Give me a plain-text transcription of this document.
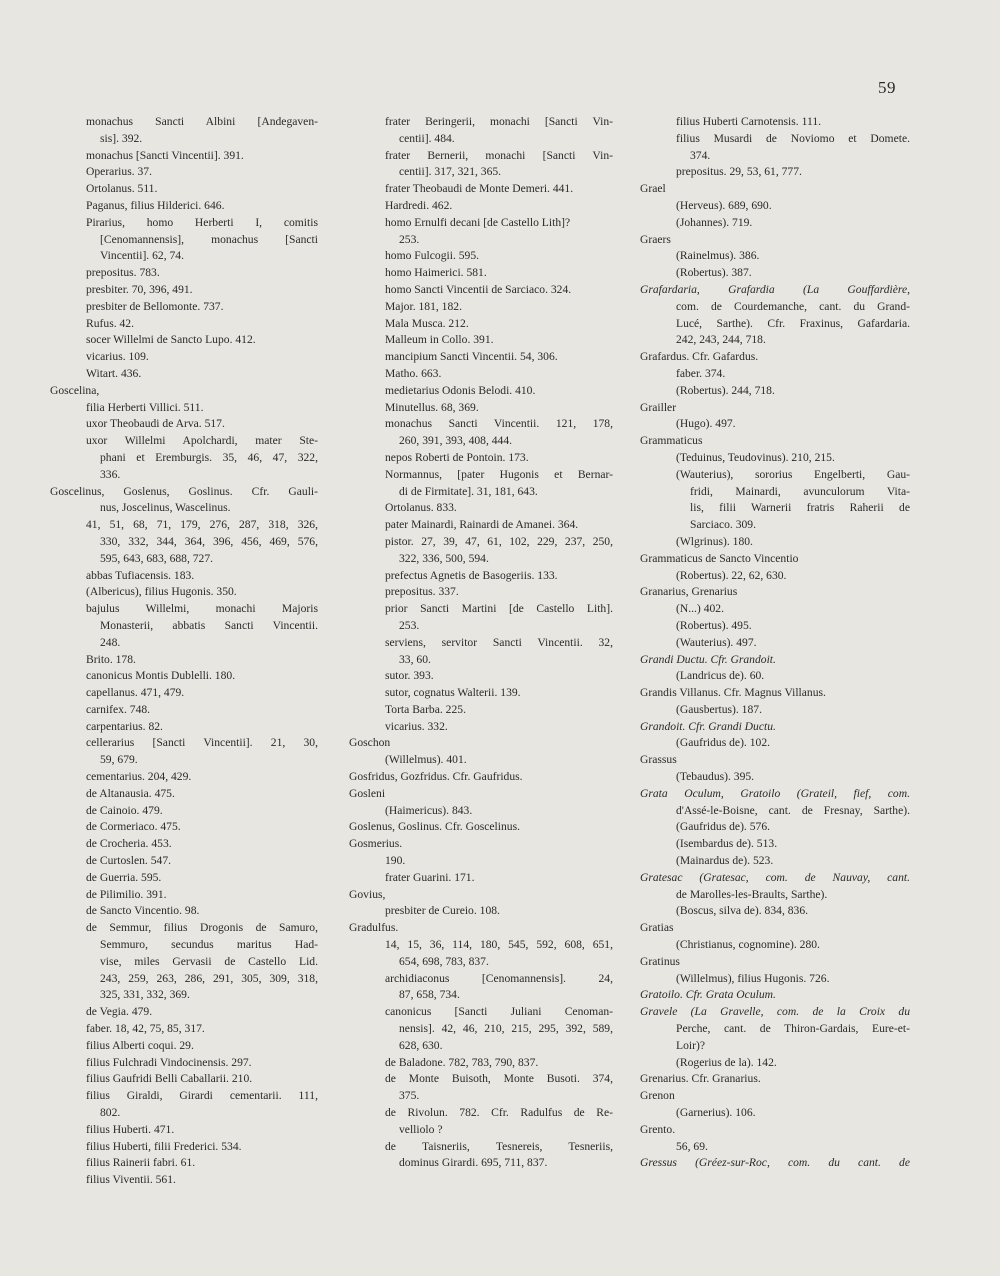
59
monachus Sancti Albini [Andegaven-
sis]. 392.
monachus [Sancti Vincentii]. 391.
Operarius. 37.
Ortolanus. 511.
Paganus, filius Hilderici. 646.
Pirarius, homo Herberti I, comitis
[Cenomannensis], monachus [Sancti
Vincentii]. 62, 74.
prepositus. 783.
presbiter. 70, 396, 491.
presbiter de Bellomonte. 737.
Rufus. 42.
socer Willelmi de Sancto Lupo. 412.
vicarius. 109.
Witart. 436.
Goscelina,
filia Herberti Villici. 511.
uxor Theobaudi de Arva. 517.
uxor Willelmi Apolchardi, mater Ste-
phani et Eremburgis. 35, 46, 47, 322,
336.
Goscelinus, Goslenus, Goslinus. Cfr. Gauli-
nus, Joscelinus, Wascelinus.
41, 51, 68, 71, 179, 276, 287, 318, 326,
330, 332, 344, 364, 396, 456, 469, 576,
595, 643, 683, 688, 727.
abbas Tufiacensis. 183.
(Albericus), filius Hugonis. 350.
bajulus Willelmi, monachi Majoris
Monasterii, abbatis Sancti Vincentii.
248.
Brito. 178.
canonicus Montis Dublelli. 180.
capellanus. 471, 479.
carnifex. 748.
carpentarius. 82.
cellerarius [Sancti Vincentii]. 21, 30,
59, 679.
cementarius. 204, 429.
de Altanausia. 475.
de Cainoio. 479.
de Cormeriaco. 475.
de Crocheria. 453.
de Curtoslen. 547.
de Guerria. 595.
de Pilimilio. 391.
de Sancto Vincentio. 98.
de Semmur, filius Drogonis de Samuro,
Semmuro, secundus maritus Had-
vise, miles Gervasii de Castello Lid.
243, 259, 263, 286, 291, 305, 309, 318,
325, 331, 332, 369.
de Vegia. 479.
faber. 18, 42, 75, 85, 317.
filius Alberti coqui. 29.
filius Fulchradi Vindocinensis. 297.
filius Gaufridi Belli Caballarii. 210.
filius Giraldi, Girardi cementarii. 111,
802.
filius Huberti. 471.
filius Huberti, filii Frederici. 534.
filius Rainerii fabri. 61.
filius Viventii. 561.
frater Beringerii, monachi [Sancti Vin-
centii]. 484.
frater Bernerii, monachi [Sancti Vin-
centii]. 317, 321, 365.
frater Theobaudi de Monte Demeri. 441.
Hardredi. 462.
homo Ernulfi decani [de Castello Lith]?
253.
homo Fulcogii. 595.
homo Haimerici. 581.
homo Sancti Vincentii de Sarciaco. 324.
Major. 181, 182.
Mala Musca. 212.
Malleum in Collo. 391.
mancipium Sancti Vincentii. 54, 306.
Matho. 663.
medietarius Odonis Belodi. 410.
Minutellus. 68, 369.
monachus Sancti Vincentii. 121, 178,
260, 391, 393, 408, 444.
nepos Roberti de Pontoin. 173.
Normannus, [pater Hugonis et Bernar-
di de Firmitate]. 31, 181, 643.
Ortolanus. 833.
pater Mainardi, Rainardi de Amanei. 364.
pistor. 27, 39, 47, 61, 102, 229, 237, 250,
322, 336, 500, 594.
prefectus Agnetis de Basogeriis. 133.
prepositus. 337.
prior Sancti Martini [de Castello Lith].
253.
serviens, servitor Sancti Vincentii. 32,
33, 60.
sutor. 393.
sutor, cognatus Walterii. 139.
Torta Barba. 225.
vicarius. 332.
Goschon
(Willelmus). 401.
Gosfridus, Gozfridus. Cfr. Gaufridus.
Gosleni
(Haimericus). 843.
Goslenus, Goslinus. Cfr. Goscelinus.
Gosmerius.
190.
frater Guarini. 171.
Govius,
presbiter de Cureio. 108.
Gradulfus.
14, 15, 36, 114, 180, 545, 592, 608, 651,
654, 698, 783, 837.
archidiaconus [Cenomannensis]. 24,
87, 658, 734.
canonicus [Sancti Juliani Cenoman-
nensis]. 42, 46, 210, 215, 295, 392, 589,
628, 630.
de Baladone. 782, 783, 790, 837.
de Monte Buisoth, Monte Busoti. 374,
375.
de Rivolun. 782. Cfr. Radulfus de Re-
velliolo ?
de Taisneriis, Tesnereis, Tesneriis,
dominus Girardi. 695, 711, 837.
filius Huberti Carnotensis. 111.
filius Musardi de Noviomo et Domete.
374.
prepositus. 29, 53, 61, 777.
Grael
(Herveus). 689, 690.
(Johannes). 719.
Graers
(Rainelmus). 386.
(Robertus). 387.
Grafardaria, Grafardia (La Gouffardière,
com. de Courdemanche, cant. du Grand-
Lucé, Sarthe). Cfr. Fraxinus, Gafardaria.
242, 243, 244, 718.
Grafardus. Cfr. Gafardus.
faber. 374.
(Robertus). 244, 718.
Grailler
(Hugo). 497.
Grammaticus
(Teduinus, Teudovinus). 210, 215.
(Wauterius), sororius Engelberti, Gau-
fridi, Mainardi, avunculorum Vita-
lis, filii Warnerii fratris Raherii de
Sarciaco. 309.
(Wlgrinus). 180.
Grammaticus de Sancto Vincentio
(Robertus). 22, 62, 630.
Granarius, Grenarius
(N...) 402.
(Robertus). 495.
(Wauterius). 497.
Grandi Ductu. Cfr. Grandoit.
(Landricus de). 60.
Grandis Villanus. Cfr. Magnus Villanus.
(Gausbertus). 187.
Grandoit. Cfr. Grandi Ductu.
(Gaufridus de). 102.
Grassus
(Tebaudus). 395.
Grata Oculum, Gratoilo (Grateil, fief, com.
d'Assé-le-Boisne, cant. de Fresnay, Sarthe).
(Gaufridus de). 576.
(Isembardus de). 513.
(Mainardus de). 523.
Gratesac (Gratesac, com. de Nauvay, cant.
de Marolles-les-Braults, Sarthe).
(Boscus, silva de). 834, 836.
Gratias
(Christianus, cognomine). 280.
Gratinus
(Willelmus), filius Hugonis. 726.
Gratoilo. Cfr. Grata Oculum.
Gravele (La Gravelle, com. de la Croix du
Perche, cant. de Thiron-Gardais, Eure-et-
Loir)?
(Rogerius de la). 142.
Grenarius. Cfr. Granarius.
Grenon
(Garnerius). 106.
Grento.
56, 69.
Gressus (Gréez-sur-Roc, com. du cant. de
